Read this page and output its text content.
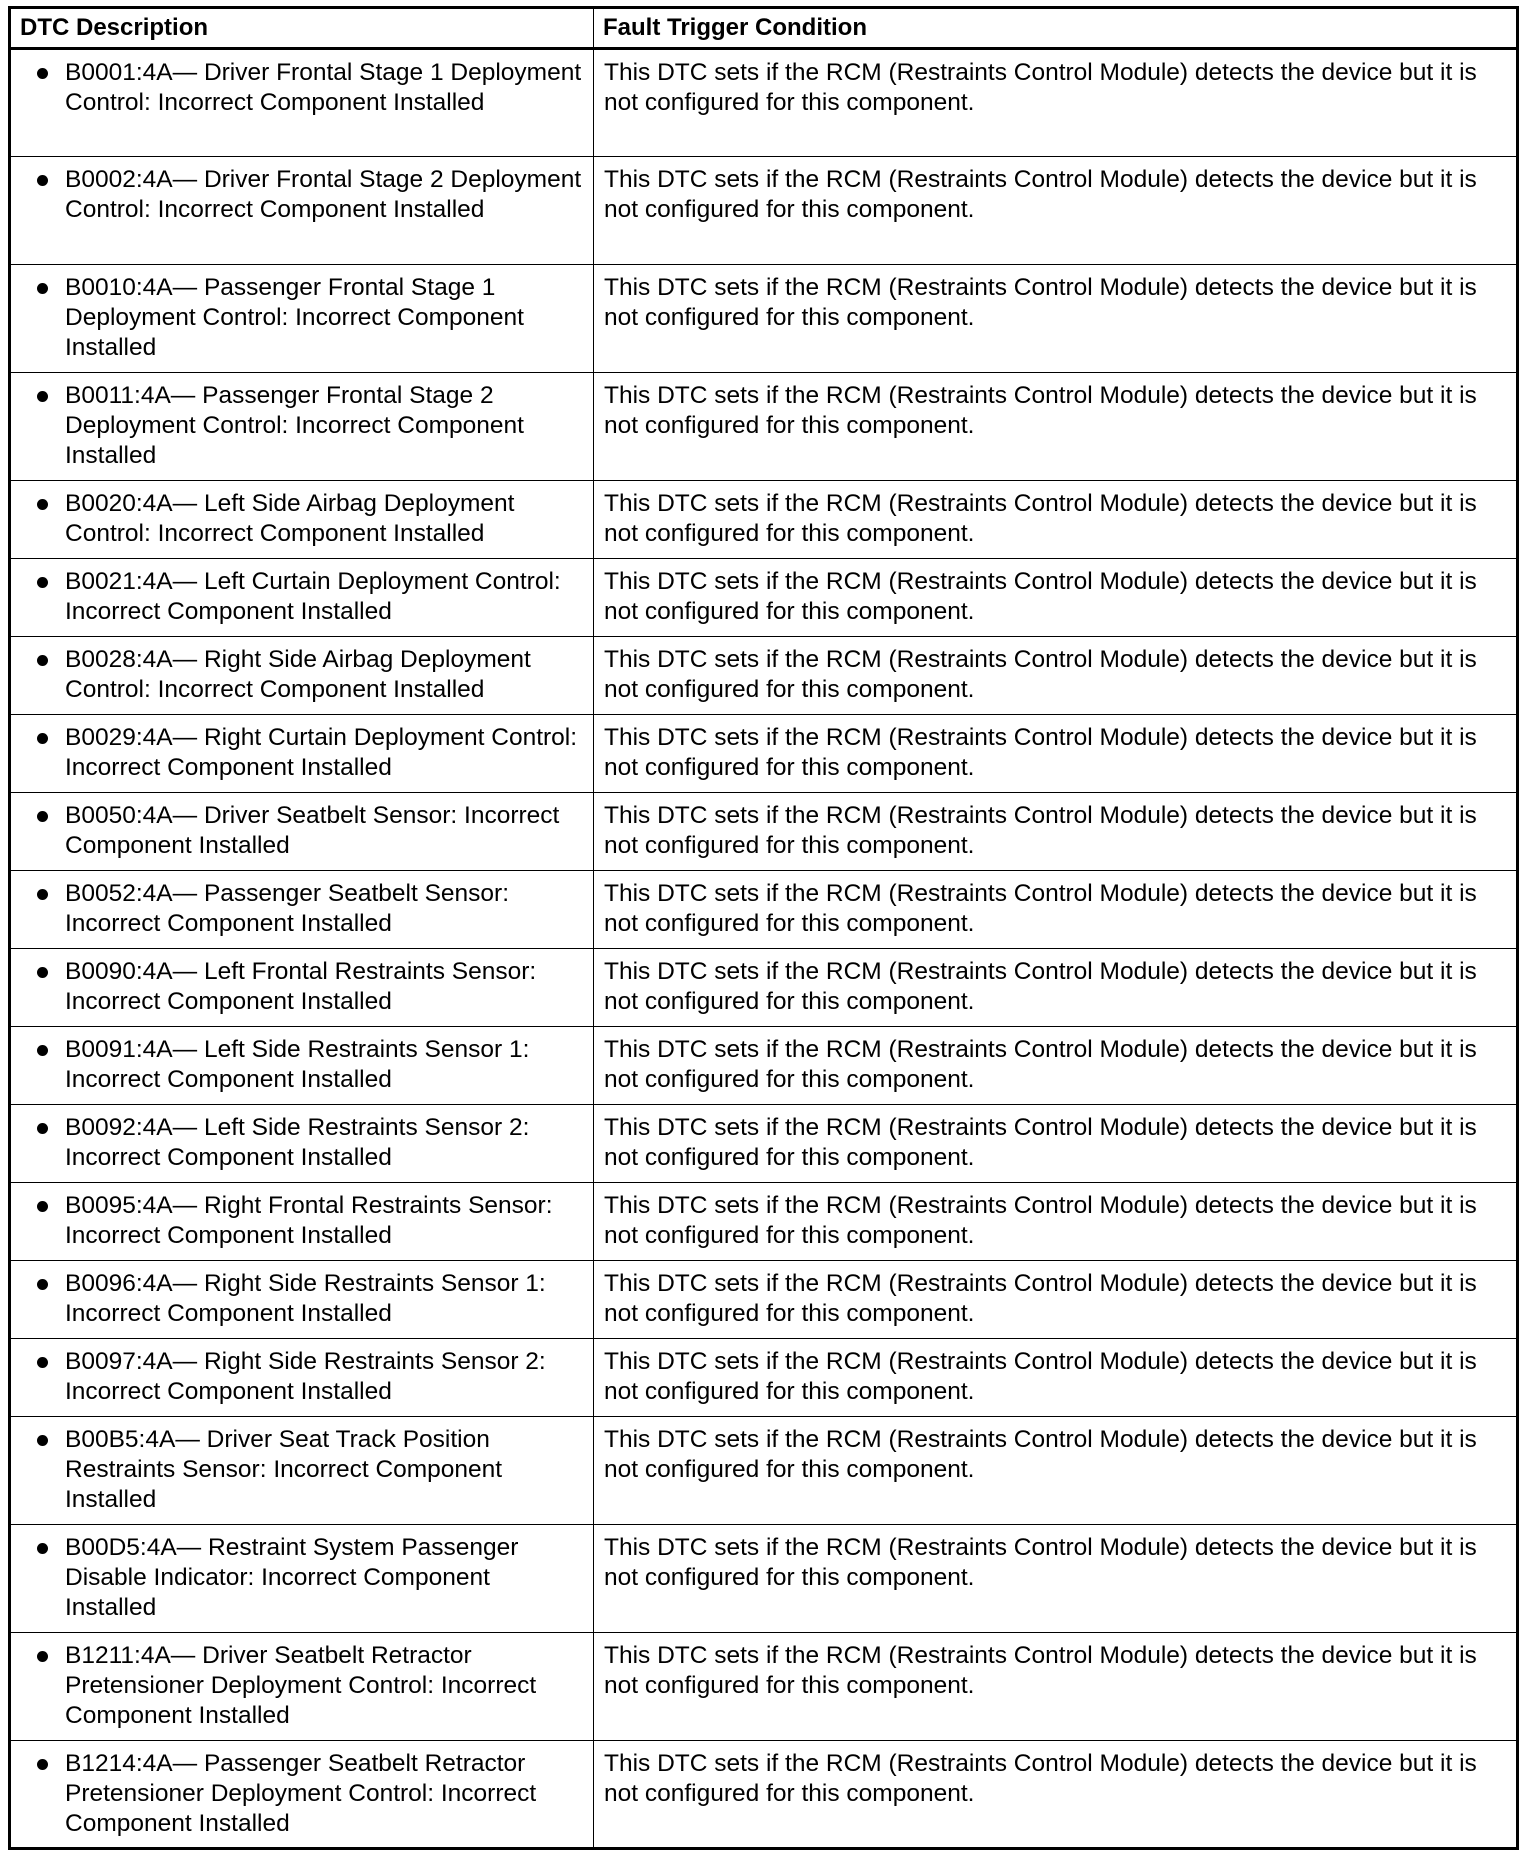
DTC Description	Fault Trigger Condition

B0001:4A— Driver Frontal Stage 1 Deployment Control: Incorrect Component Installed	This DTC sets if the RCM (Restraints Control Module) detects the device but it is not configured for this component.

B0002:4A— Driver Frontal Stage 2 Deployment Control: Incorrect Component Installed	This DTC sets if the RCM (Restraints Control Module) detects the device but it is not configured for this component.

B0010:4A— Passenger Frontal Stage 1 Deployment Control: Incorrect Component Installed	This DTC sets if the RCM (Restraints Control Module) detects the device but it is not configured for this component.

B0011:4A— Passenger Frontal Stage 2 Deployment Control: Incorrect Component Installed	This DTC sets if the RCM (Restraints Control Module) detects the device but it is not configured for this component.

B0020:4A— Left Side Airbag Deployment Control: Incorrect Component Installed	This DTC sets if the RCM (Restraints Control Module) detects the device but it is not configured for this component.

B0021:4A— Left Curtain Deployment Control: Incorrect Component Installed	This DTC sets if the RCM (Restraints Control Module) detects the device but it is not configured for this component.

B0028:4A— Right Side Airbag Deployment Control: Incorrect Component Installed	This DTC sets if the RCM (Restraints Control Module) detects the device but it is not configured for this component.

B0029:4A— Right Curtain Deployment Control: Incorrect Component Installed	This DTC sets if the RCM (Restraints Control Module) detects the device but it is not configured for this component.

B0050:4A— Driver Seatbelt Sensor: Incorrect Component Installed	This DTC sets if the RCM (Restraints Control Module) detects the device but it is not configured for this component.

B0052:4A— Passenger Seatbelt Sensor: Incorrect Component Installed	This DTC sets if the RCM (Restraints Control Module) detects the device but it is not configured for this component.

B0090:4A— Left Frontal Restraints Sensor: Incorrect Component Installed	This DTC sets if the RCM (Restraints Control Module) detects the device but it is not configured for this component.

B0091:4A— Left Side Restraints Sensor 1: Incorrect Component Installed	This DTC sets if the RCM (Restraints Control Module) detects the device but it is not configured for this component.

B0092:4A— Left Side Restraints Sensor 2: Incorrect Component Installed	This DTC sets if the RCM (Restraints Control Module) detects the device but it is not configured for this component.

B0095:4A— Right Frontal Restraints Sensor: Incorrect Component Installed	This DTC sets if the RCM (Restraints Control Module) detects the device but it is not configured for this component.

B0096:4A— Right Side Restraints Sensor 1: Incorrect Component Installed	This DTC sets if the RCM (Restraints Control Module) detects the device but it is not configured for this component.

B0097:4A— Right Side Restraints Sensor 2: Incorrect Component Installed	This DTC sets if the RCM (Restraints Control Module) detects the device but it is not configured for this component.

B00B5:4A— Driver Seat Track Position Restraints Sensor: Incorrect Component Installed	This DTC sets if the RCM (Restraints Control Module) detects the device but it is not configured for this component.

B00D5:4A— Restraint System Passenger Disable Indicator: Incorrect Component Installed	This DTC sets if the RCM (Restraints Control Module) detects the device but it is not configured for this component.

B1211:4A— Driver Seatbelt Retractor Pretensioner Deployment Control: Incorrect Component Installed	This DTC sets if the RCM (Restraints Control Module) detects the device but it is not configured for this component.

B1214:4A— Passenger Seatbelt Retractor Pretensioner Deployment Control: Incorrect Component Installed	This DTC sets if the RCM (Restraints Control Module) detects the device but it is not configured for this component.
